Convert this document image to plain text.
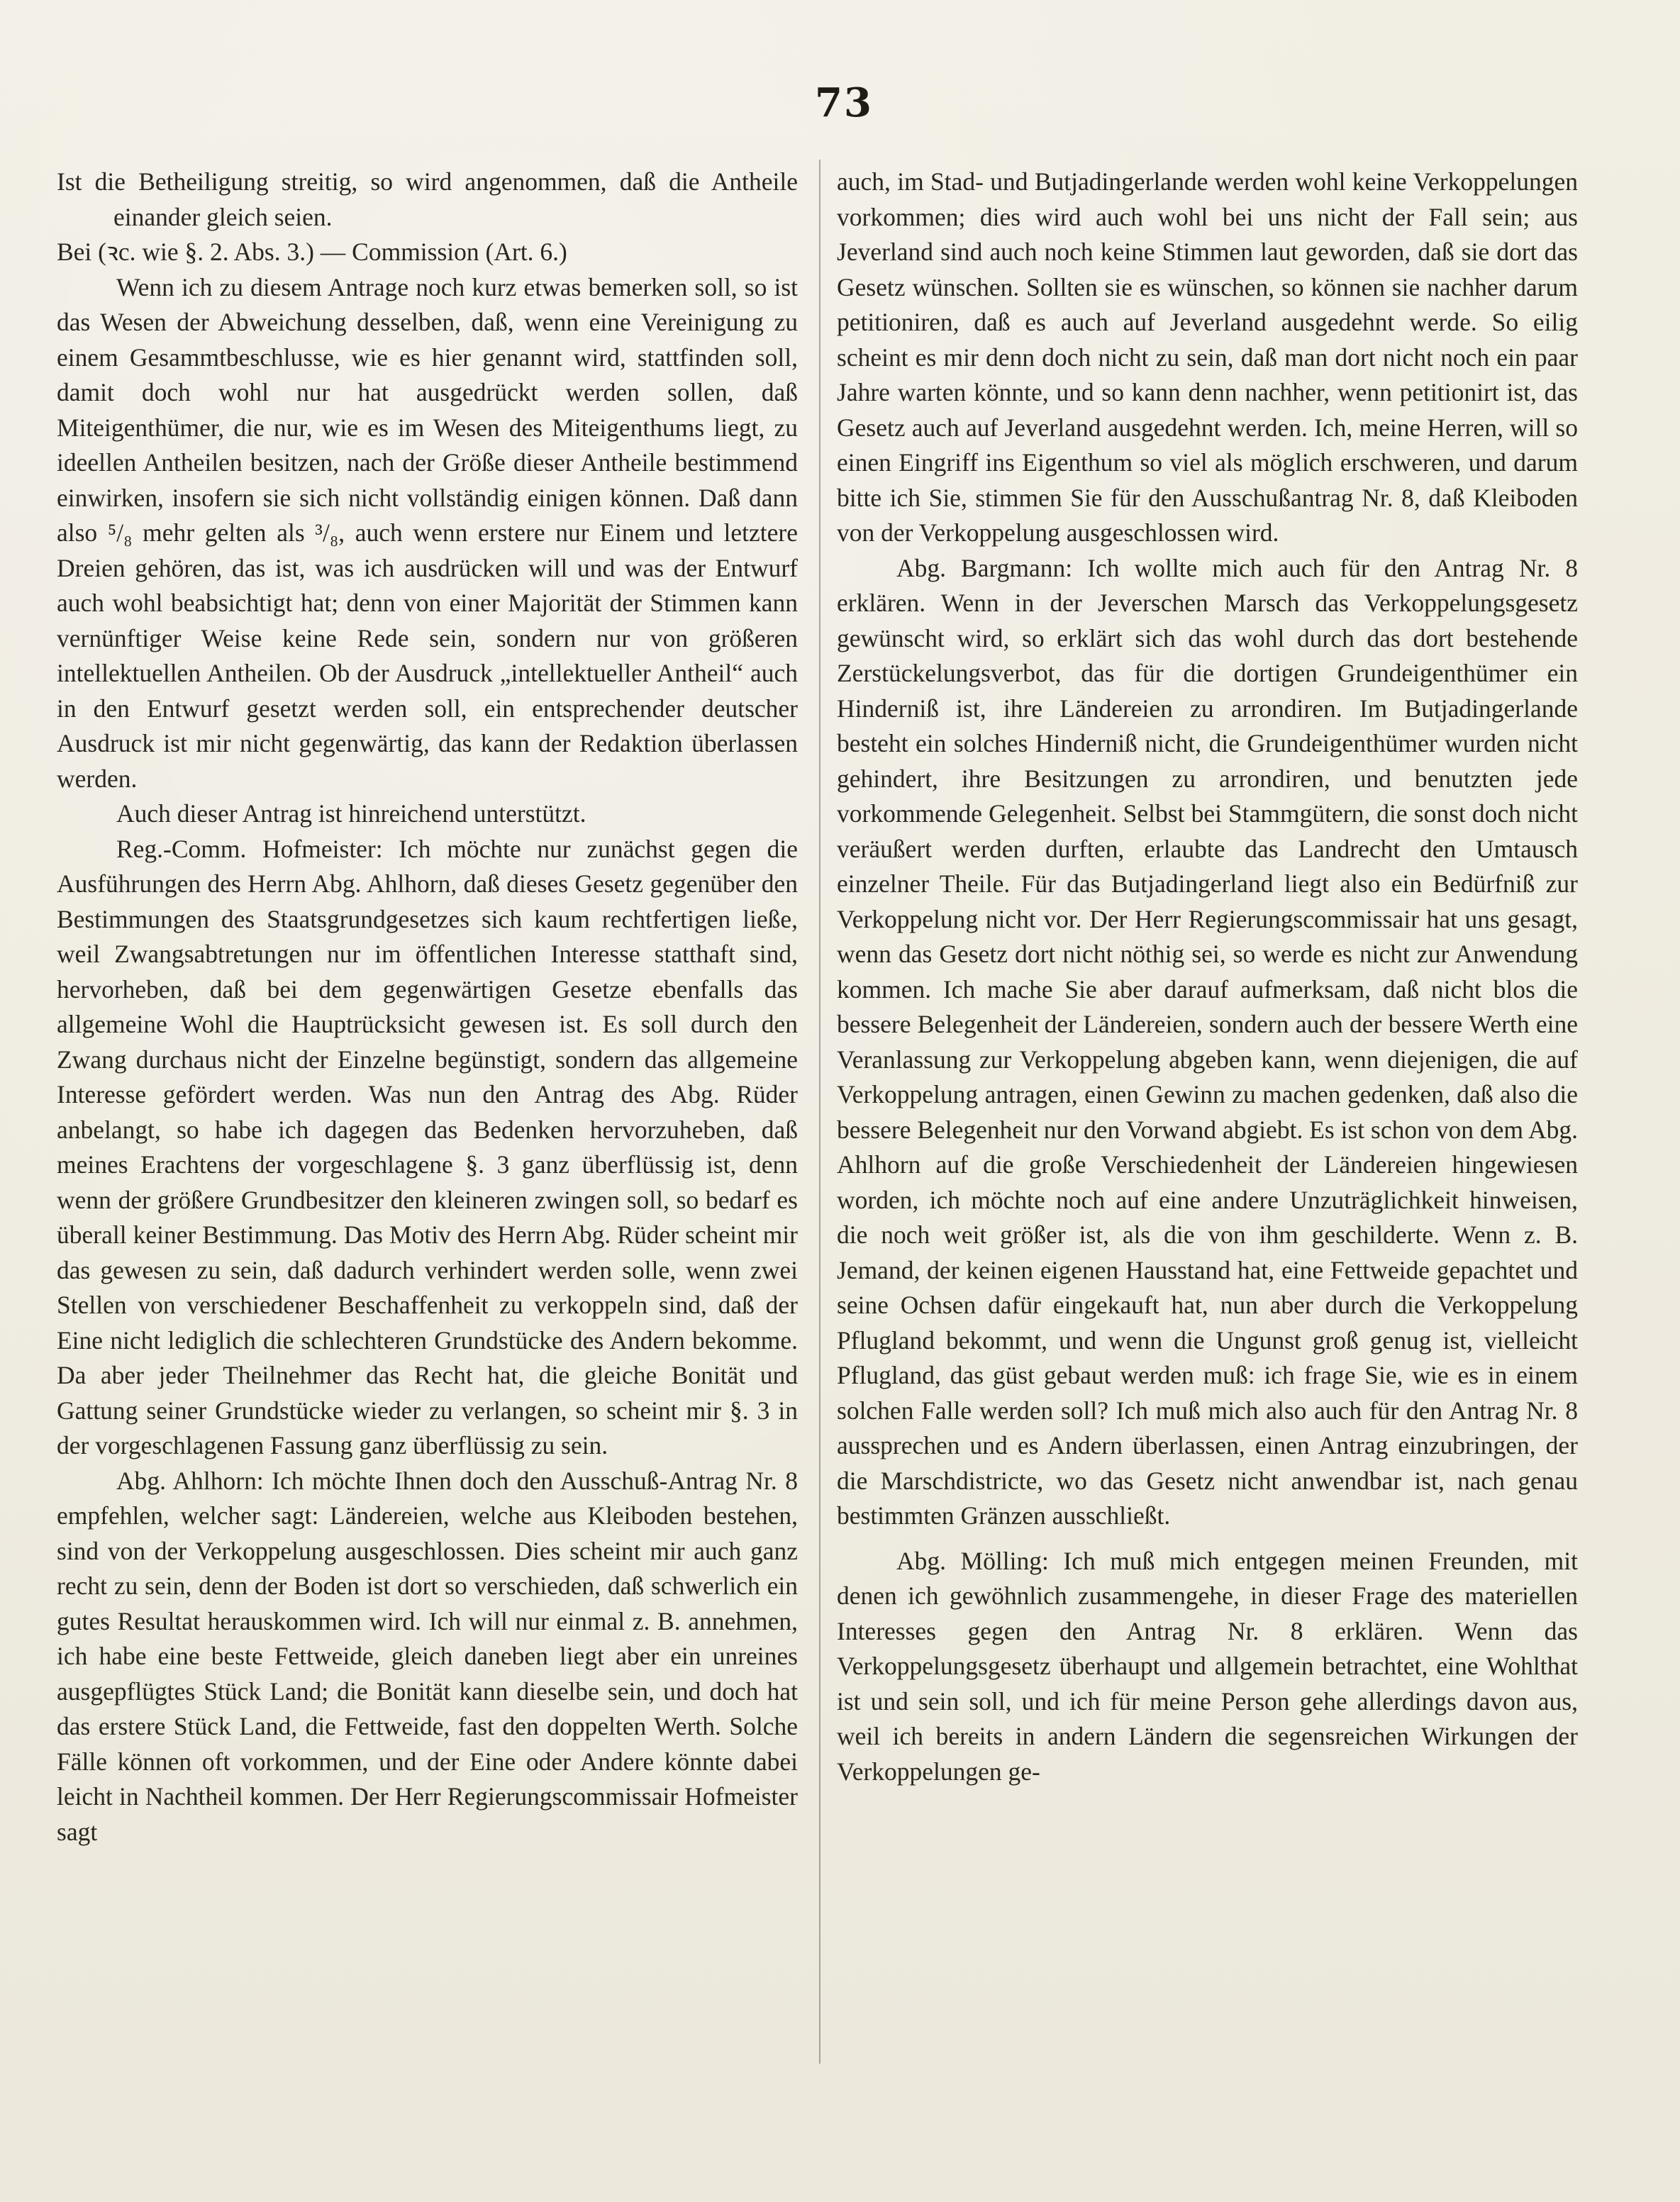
73

Ist die Betheiligung streitig, so wird angenommen, daß die Antheile einander gleich seien.

Bei (ꝛc. wie §. 2. Abs. 3.) — Commission (Art. 6.)

Wenn ich zu diesem Antrage noch kurz etwas bemerken soll, so ist das Wesen der Abweichung desselben, daß, wenn eine Vereinigung zu einem Gesammtbeschlusse, wie es hier genannt wird, stattfinden soll, damit doch wohl nur hat ausgedrückt werden sollen, daß Miteigenthümer, die nur, wie es im Wesen des Miteigenthums liegt, zu ideellen Antheilen besitzen, nach der Größe dieser Antheile bestimmend einwirken, insofern sie sich nicht vollständig einigen können. Daß dann also ⁵/₈ mehr gelten als ³/₈, auch wenn erstere nur Einem und letztere Dreien gehören, das ist, was ich ausdrücken will und was der Entwurf auch wohl beabsichtigt hat; denn von einer Majorität der Stimmen kann vernünftiger Weise keine Rede sein, sondern nur von größeren intellektuellen Antheilen. Ob der Ausdruck „intellektueller Antheil“ auch in den Entwurf gesetzt werden soll, ein entsprechender deutscher Ausdruck ist mir nicht gegenwärtig, das kann der Redaktion überlassen werden.

Auch dieser Antrag ist hinreichend unterstützt.

Reg.-Comm. Hofmeister: Ich möchte nur zunächst gegen die Ausführungen des Herrn Abg. Ahlhorn, daß dieses Gesetz gegenüber den Bestimmungen des Staatsgrundgesetzes sich kaum rechtfertigen ließe, weil Zwangsabtretungen nur im öffentlichen Interesse statthaft sind, hervorheben, daß bei dem gegenwärtigen Gesetze ebenfalls das allgemeine Wohl die Hauptrücksicht gewesen ist. Es soll durch den Zwang durchaus nicht der Einzelne begünstigt, sondern das allgemeine Interesse gefördert werden. Was nun den Antrag des Abg. Rüder anbelangt, so habe ich dagegen das Bedenken hervorzuheben, daß meines Erachtens der vorgeschlagene §. 3 ganz überflüssig ist, denn wenn der größere Grundbesitzer den kleineren zwingen soll, so bedarf es überall keiner Bestimmung. Das Motiv des Herrn Abg. Rüder scheint mir das gewesen zu sein, daß dadurch verhindert werden solle, wenn zwei Stellen von verschiedener Beschaffenheit zu verkoppeln sind, daß der Eine nicht lediglich die schlechteren Grundstücke des Andern bekomme. Da aber jeder Theilnehmer das Recht hat, die gleiche Bonität und Gattung seiner Grundstücke wieder zu verlangen, so scheint mir §. 3 in der vorgeschlagenen Fassung ganz überflüssig zu sein.

Abg. Ahlhorn: Ich möchte Ihnen doch den Ausschuß-Antrag Nr. 8 empfehlen, welcher sagt: Ländereien, welche aus Kleiboden bestehen, sind von der Verkoppelung ausgeschlossen. Dies scheint mir auch ganz recht zu sein, denn der Boden ist dort so verschieden, daß schwerlich ein gutes Resultat herauskommen wird. Ich will nur einmal z. B. annehmen, ich habe eine beste Fettweide, gleich daneben liegt aber ein unreines ausgepflügtes Stück Land; die Bonität kann dieselbe sein, und doch hat das erstere Stück Land, die Fettweide, fast den doppelten Werth. Solche Fälle können oft vorkommen, und der Eine oder Andere könnte dabei leicht in Nachtheil kommen. Der Herr Regierungscommissair Hofmeister sagt

auch, im Stad- und Butjadingerlande werden wohl keine Verkoppelungen vorkommen; dies wird auch wohl bei uns nicht der Fall sein; aus Jeverland sind auch noch keine Stimmen laut geworden, daß sie dort das Gesetz wünschen. Sollten sie es wünschen, so können sie nachher darum petitioniren, daß es auch auf Jeverland ausgedehnt werde. So eilig scheint es mir denn doch nicht zu sein, daß man dort nicht noch ein paar Jahre warten könnte, und so kann denn nachher, wenn petitionirt ist, das Gesetz auch auf Jeverland ausgedehnt werden. Ich, meine Herren, will so einen Eingriff ins Eigenthum so viel als möglich erschweren, und darum bitte ich Sie, stimmen Sie für den Ausschußantrag Nr. 8, daß Kleiboden von der Verkoppelung ausgeschlossen wird.

Abg. Bargmann: Ich wollte mich auch für den Antrag Nr. 8 erklären. Wenn in der Jeverschen Marsch das Verkoppelungsgesetz gewünscht wird, so erklärt sich das wohl durch das dort bestehende Zerstückelungsverbot, das für die dortigen Grundeigenthümer ein Hinderniß ist, ihre Ländereien zu arrondiren. Im Butjadingerlande besteht ein solches Hinderniß nicht, die Grundeigenthümer wurden nicht gehindert, ihre Besitzungen zu arrondiren, und benutzten jede vorkommende Gelegenheit. Selbst bei Stammgütern, die sonst doch nicht veräußert werden durften, erlaubte das Landrecht den Umtausch einzelner Theile. Für das Butjadingerland liegt also ein Bedürfniß zur Verkoppelung nicht vor. Der Herr Regierungscommissair hat uns gesagt, wenn das Gesetz dort nicht nöthig sei, so werde es nicht zur Anwendung kommen. Ich mache Sie aber darauf aufmerksam, daß nicht blos die bessere Belegenheit der Ländereien, sondern auch der bessere Werth eine Veranlassung zur Verkoppelung abgeben kann, wenn diejenigen, die auf Verkoppelung antragen, einen Gewinn zu machen gedenken, daß also die bessere Belegenheit nur den Vorwand abgiebt. Es ist schon von dem Abg. Ahlhorn auf die große Verschiedenheit der Ländereien hingewiesen worden, ich möchte noch auf eine andere Unzuträglichkeit hinweisen, die noch weit größer ist, als die von ihm geschilderte. Wenn z. B. Jemand, der keinen eigenen Hausstand hat, eine Fettweide gepachtet und seine Ochsen dafür eingekauft hat, nun aber durch die Verkoppelung Pflugland bekommt, und wenn die Ungunst groß genug ist, vielleicht Pflugland, das güst gebaut werden muß: ich frage Sie, wie es in einem solchen Falle werden soll? Ich muß mich also auch für den Antrag Nr. 8 aussprechen und es Andern überlassen, einen Antrag einzubringen, der die Marschdistricte, wo das Gesetz nicht anwendbar ist, nach genau bestimmten Gränzen ausschließt.

Abg. Mölling: Ich muß mich entgegen meinen Freunden, mit denen ich gewöhnlich zusammengehe, in dieser Frage des materiellen Interesses gegen den Antrag Nr. 8 erklären. Wenn das Verkoppelungsgesetz überhaupt und allgemein betrachtet, eine Wohlthat ist und sein soll, und ich für meine Person gehe allerdings davon aus, weil ich bereits in andern Ländern die segensreichen Wirkungen der Verkoppelungen ge-
